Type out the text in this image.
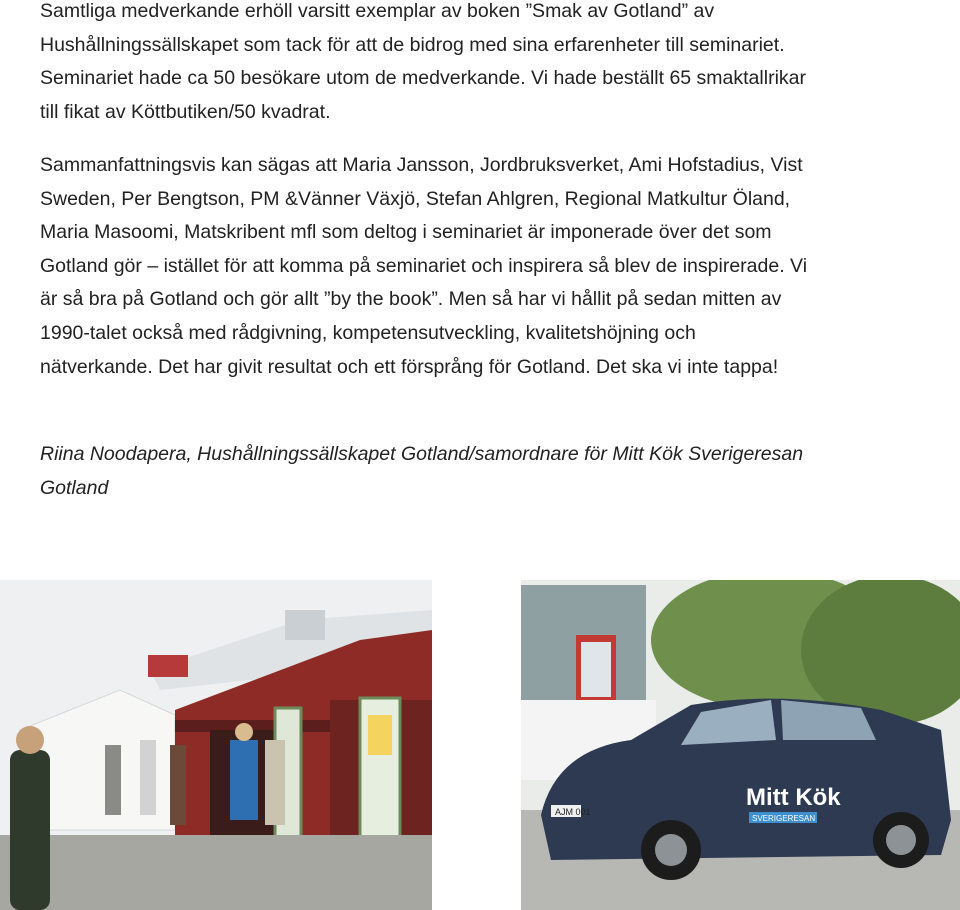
Samtliga medverkande erhöll varsitt exemplar av boken ”Smak av Gotland” av
Hushållningssällskapet som tack för att de bidrog med sina erfarenheter till seminariet.
Seminariet hade ca 50 besökare utom de medverkande. Vi hade beställt 65 smaktallrikar
till fikat av Köttbutiken/50 kvadrat.
Sammanfattningsvis kan sägas att Maria Jansson, Jordbruksverket, Ami Hofstadius, Vist
Sweden, Per Bengtson, PM &Vänner Växjö, Stefan Ahlgren, Regional Matkultur Öland,
Maria Masoomi, Matskribent mfl som deltog i seminariet är imponerade över det som
Gotland gör – istället för att komma på seminariet och inspirera så blev de inspirerade. Vi
är så bra på Gotland och gör allt ”by the book”. Men så har vi hållit på sedan mitten av
1990-talet också med rådgivning, kompetensutveckling, kvalitetshöjning och
nätverkande. Det har givit resultat och ett försprång för Gotland. Det ska vi inte tappa!
Riina Noodapera, Hushållningssällskapet Gotland/samordnare för Mitt Kök Sverigeresan
Gotland
AJM 001
Mitt Kök
SVERIGERESAN
